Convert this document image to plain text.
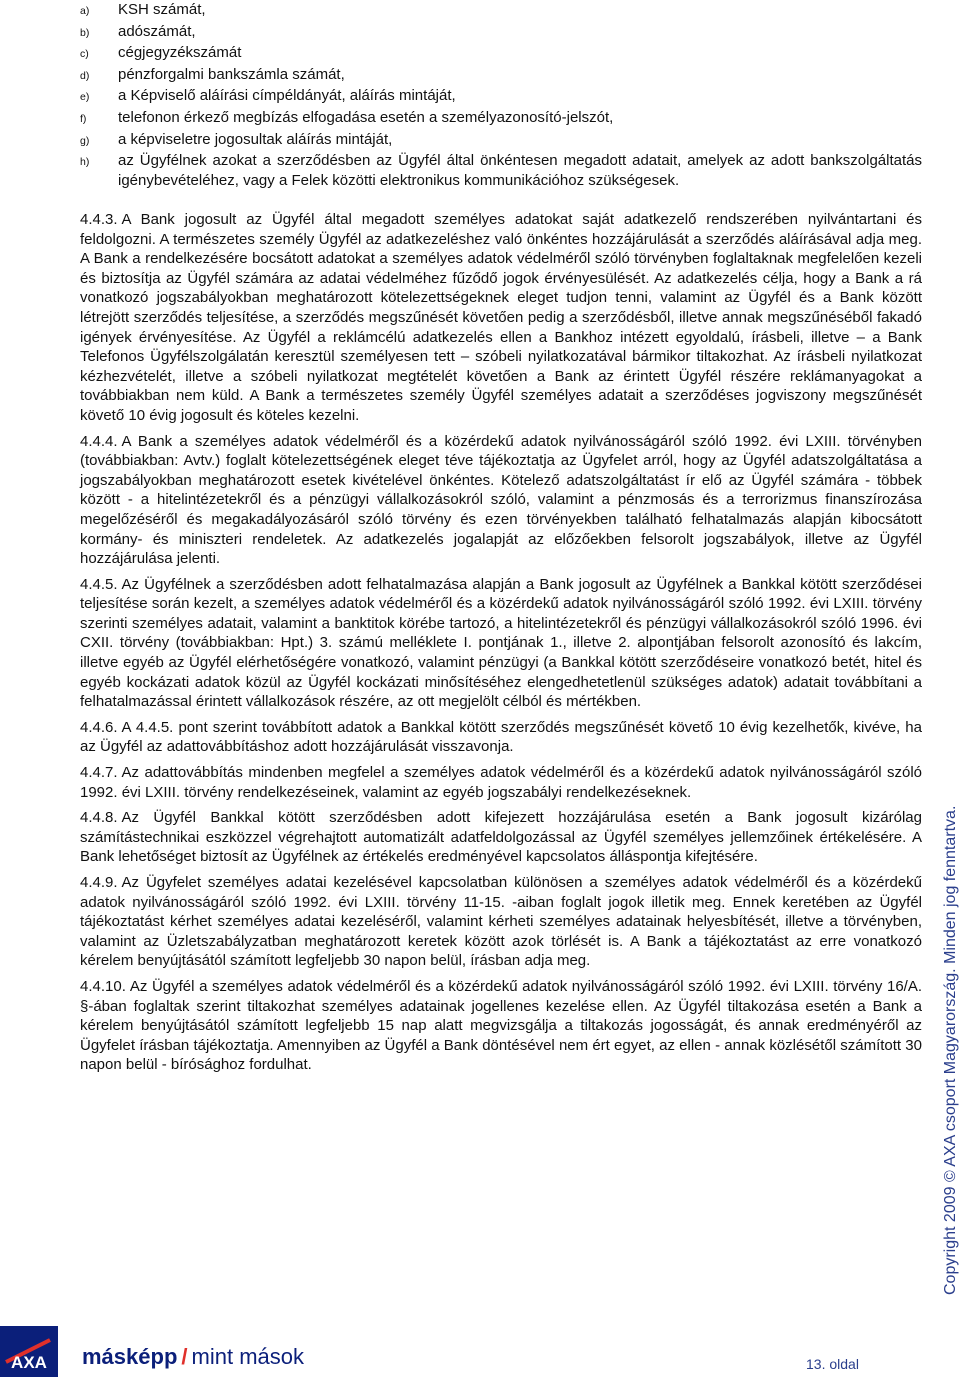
a)	KSH számát,
b)	adószámát,
c)	cégjegyzékszámát
d)	pénzforgalmi bankszámla számát,
e)	a Képviselő aláírási címpéldányát, aláírás mintáját,
f)	telefonon érkező megbízás elfogadása esetén a személyazonosító-jelszót,
g)	a képviseletre jogosultak aláírás mintáját,
h)	az Ügyfélnek azokat a szerződésben az Ügyfél által önkéntesen megadott adatait, amelyek az adott bankszolgáltatás igénybevételéhez, vagy a Felek közötti elektronikus kommunikációhoz szükségesek.

4.4.3. A Bank jogosult az Ügyfél által megadott személyes adatokat saját adatkezelő rendszerében nyilvántartani és feldolgozni. A természetes személy Ügyfél az adatkezeléshez való önkéntes hozzájárulását a szerződés aláírásával adja meg. A Bank a rendelkezésére bocsátott adatokat a személyes adatok védelméről szóló törvényben foglaltaknak megfelelően kezeli és biztosítja az Ügyfél számára az adatai védelméhez fűződő jogok érvényesülését. Az adatkezelés célja, hogy a Bank a rá vonatkozó jogszabályokban meghatározott kötelezettségeknek eleget tudjon tenni, valamint az Ügyfél és a Bank között létrejött szerződés teljesítése, a szerződés megszűnését követően pedig a szerződésből, illetve annak megszűnéséből fakadó igények érvényesítése. Az Ügyfél a reklámcélú adatkezelés ellen a Bankhoz intézett egyoldalú, írásbeli, illetve – a Bank Telefonos Ügyfélszolgálatán keresztül személyesen tett – szóbeli nyilatkozatával bármikor tiltakozhat. Az írásbeli nyilatkozat kézhezvételét, illetve a szóbeli nyilatkozat megtételét követően a Bank az érintett Ügyfél részére reklámanyagokat a továbbiakban nem küld. A Bank a természetes személy Ügyfél személyes adatait a szerződéses jogviszony megszűnését követő 10 évig jogosult és köteles kezelni.

4.4.4. A Bank a személyes adatok védelméről és a közérdekű adatok nyilvánosságáról szóló 1992. évi LXIII. törvényben (továbbiakban: Avtv.) foglalt kötelezettségének eleget téve tájékoztatja az Ügyfelet arról, hogy az Ügyfél adatszolgáltatása a jogszabályokban meghatározott esetek kivételével önkéntes. Kötelező adatszolgáltatást ír elő az Ügyfél számára - többek között - a hitelintézetekről és a pénzügyi vállalkozásokról szóló, valamint a pénzmosás és a terrorizmus finanszírozása megelőzéséről és megakadályozásáról szóló törvény és ezen törvényekben található felhatalmazás alapján kibocsátott kormány- és miniszteri rendeletek. Az adatkezelés jogalapját az előzőekben felsorolt jogszabályok, illetve az Ügyfél hozzájárulása jelenti.

4.4.5. Az Ügyfélnek a szerződésben adott felhatalmazása alapján a Bank jogosult az Ügyfélnek a Bankkal kötött szerződései teljesítése során kezelt, a személyes adatok védelméről és a közérdekű adatok nyilvánosságáról szóló 1992. évi LXIII. törvény szerinti személyes adatait, valamint a banktitok körébe tartozó, a hitelintézetekről és pénzügyi vállalkozásokról szóló 1996. évi CXII. törvény (továbbiakban: Hpt.) 3. számú melléklete I. pontjának 1., illetve 2. alpontjában felsorolt azonosító és lakcím, illetve egyéb az Ügyfél elérhetőségére vonatkozó, valamint pénzügyi (a Bankkal kötött szerződéseire vonatkozó betét, hitel és egyéb kockázati adatok közül az Ügyfél kockázati minősítéséhez elengedhetetlenül szükséges adatok) adatait továbbítani a felhatalmazással érintett vállalkozások részére, az ott megjelölt célból és mértékben.

4.4.6. A 4.4.5. pont szerint továbbított adatok a Bankkal kötött szerződés megszűnését követő 10 évig kezelhetők, kivéve, ha az Ügyfél az adattovábbításhoz adott hozzájárulását visszavonja.

4.4.7. Az adattovábbítás mindenben megfelel a személyes adatok védelméről és a közérdekű adatok nyilvánosságáról szóló 1992. évi LXIII. törvény rendelkezéseinek, valamint az egyéb jogszabályi rendelkezéseknek.

4.4.8. Az Ügyfél Bankkal kötött szerződésben adott kifejezett hozzájárulása esetén a Bank jogosult kizárólag számítástechnikai eszközzel végrehajtott automatizált adatfeldolgozással az Ügyfél személyes jellemzőinek értékelésére. A Bank lehetőséget biztosít az Ügyfélnek az értékelés eredményével kapcsolatos álláspontja kifejtésére.

4.4.9. Az Ügyfelet személyes adatai kezelésével kapcsolatban különösen a személyes adatok védelméről és a közérdekű adatok nyilvánosságáról szóló 1992. évi LXIII. törvény 11-15. -aiban foglalt jogok illetik meg. Ennek keretében az Ügyfél tájékoztatást kérhet személyes adatai kezeléséről, valamint kérheti személyes adatainak helyesbítését, illetve a törvényben, valamint az Üzletszabályzatban meghatározott keretek között azok törlését is. A Bank a tájékoztatást az erre vonatkozó kérelem benyújtásától számított legfeljebb 30 napon belül, írásban adja meg.

4.4.10. Az Ügyfél a személyes adatok védelméről és a közérdekű adatok nyilvánosságáról szóló 1992. évi LXIII. törvény 16/A. §-ában foglaltak szerint tiltakozhat személyes adatainak jogellenes kezelése ellen. Az Ügyfél tiltakozása esetén a Bank a kérelem benyújtásától számított legfeljebb 15 nap alatt megvizsgálja a tiltakozás jogosságát, és annak eredményéről az Ügyfelet írásban tájékoztatja. Amennyiben az Ügyfél a Bank döntésével nem ért egyet, az ellen - annak közlésétől számított 30 napon belül - bírósághoz fordulhat.	Copyright 2009 © AXA csoport Magyarország. Minden jog fenntartva.
AXA másképp / mint mások	13. oldal
